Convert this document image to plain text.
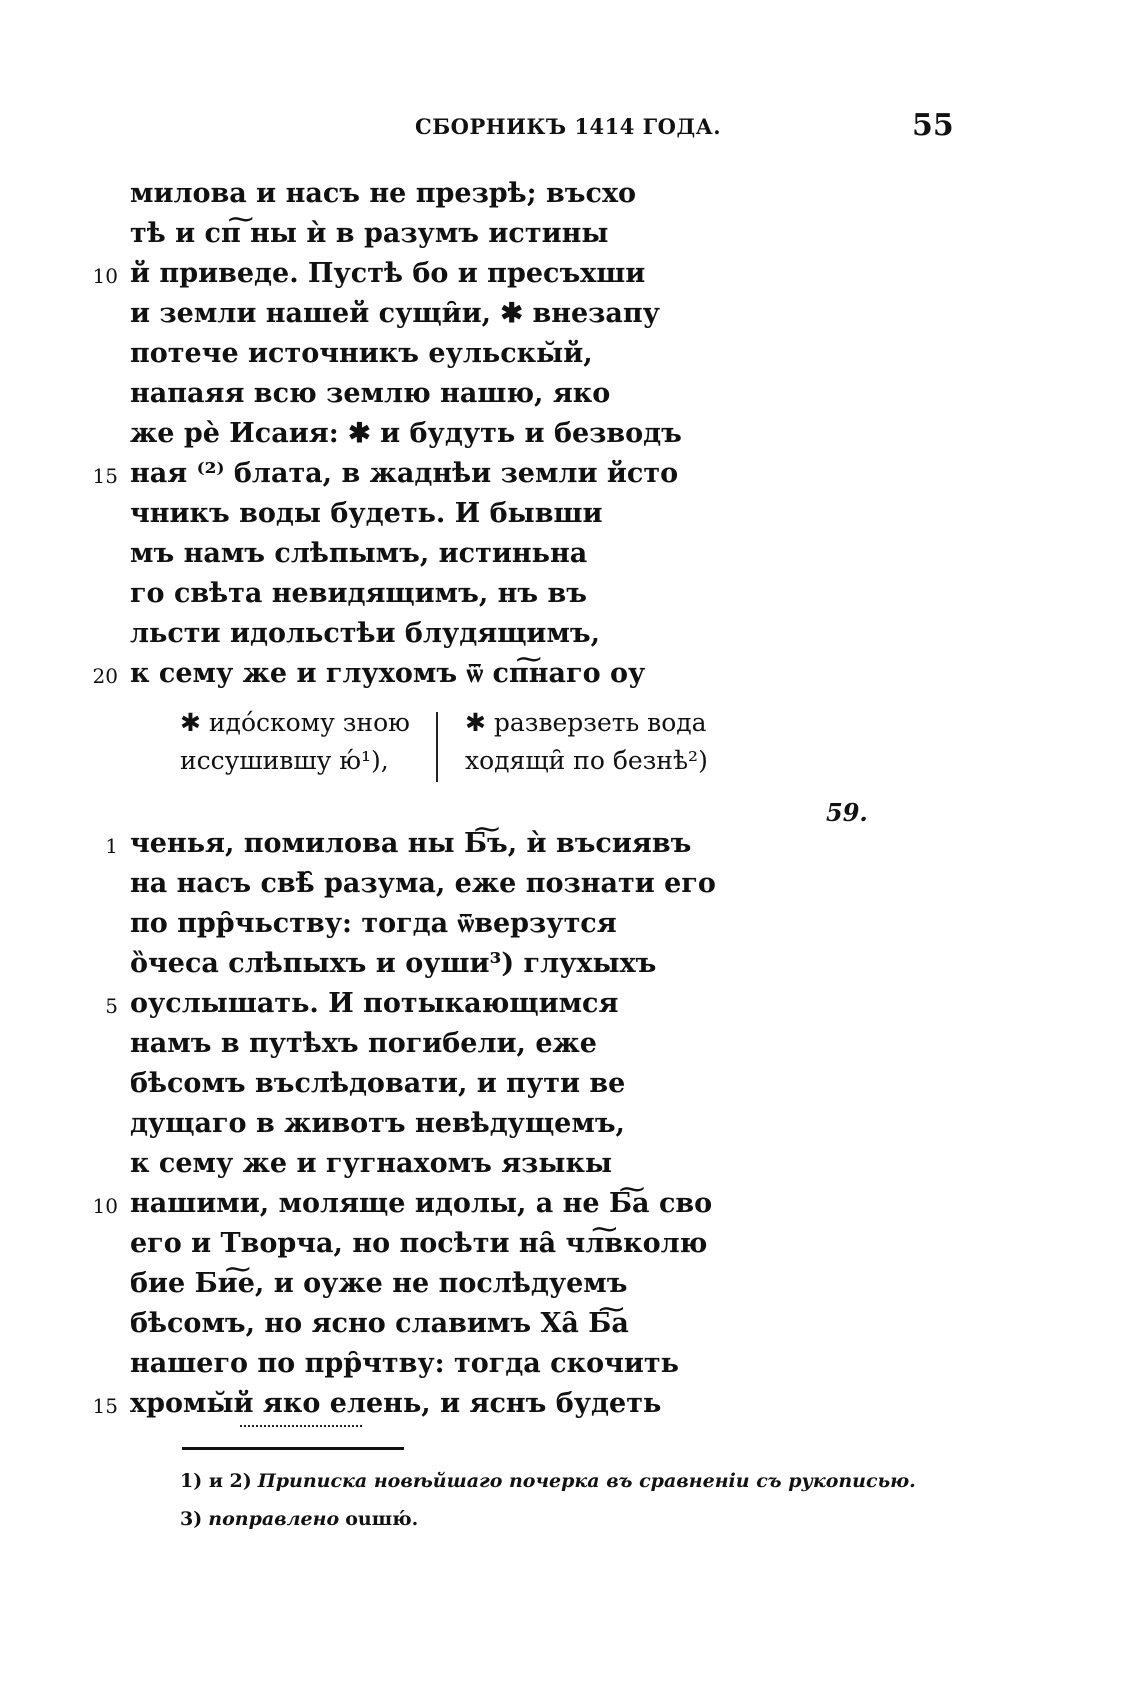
СБОРНИКЪ 1414 ГОДА.	55
милова и насъ не презрѣ; въсхо
тѣ и сп͠ ны ѝ в разумъ истины
10 й приведе. Пустѣ бо и пресъхши
и земли нашей сущи̑и, ✱ внезапу
потече источникъ еульскы̆й,
напаяя всю землю нашю, яко
же рѐ Исаия: ✱ и будуть и безводъ
15 ная ⁽²⁾ блата, в жаднѣи земли йсто
чникъ воды будеть. И бывши
мъ намъ слѣпымъ, истиньна
го свѣта невидящимъ, нъ въ
льсти идольстѣи блудящимъ,
20 к сему же и глухомъ ѿ сп͠наго оу
✱ идо́скому зною
иссушившу ю́¹),
✱ разверзеть вода
ходящи̑ по безнѣ²)
59.
1 ченья, помилова ны Б͠ъ, ѝ въсиявъ
на насъ свѣ̑ разума, еже познати его
по прр̑чьству: тогда ѿверзутся
ȍчеса слѣпыхъ и оуши³) глухыхъ
5 оуслышать. И потыкающимся
намъ в путѣхъ погибели, еже
бѣсомъ въслѣдовати, и пути ве
дущаго в животъ невѣдущемъ,
к сему же и гугнахомъ языкы
10 нашими, моляще идолы, а не Б͠а сво
его и Творча, но посѣти на̑ чл͠вколю
бие Би͠е, и оуже не послѣдуемъ
бѣсомъ, но ясно славимъ Ха̑ Б͠а
нашего по прр̑чтву: тогда скочить
15 хромы̆й яко елень, и яснъ будеть
1) и 2) Приписка новѣйшаго почерка въ сравненіи съ рукописью.
3) поправлено ouшю́.
